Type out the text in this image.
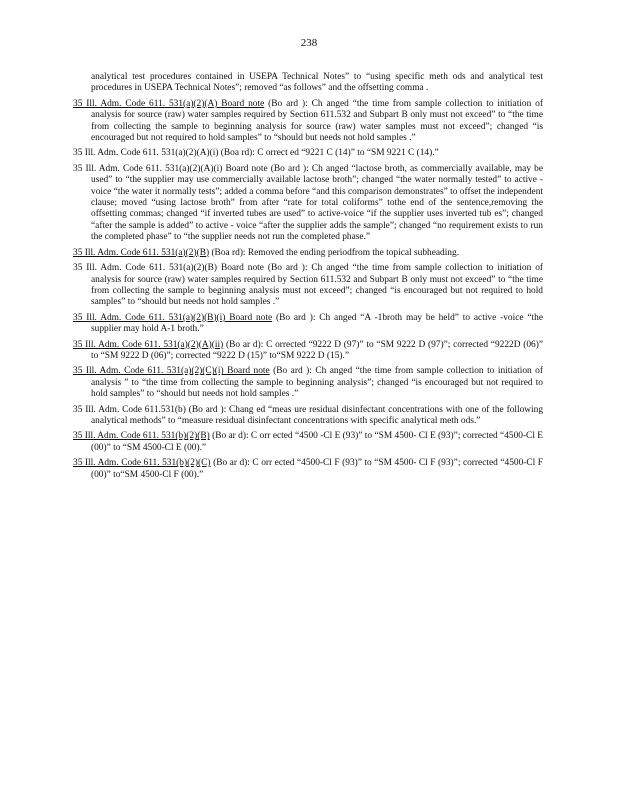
238

analytical test procedures contained in USEPA Technical Notes” to “using specific meth ods and analytical test procedures in USEPA Technical Notes”; removed “as follows” and the offsetting comma .

35 Ill. Adm. Code 611. 531(a)(2)(A) Board note (Bo ard ): Ch anged “the time from sample collection to initiation of analysis for source (raw) water samples required by Section 611.532 and Subpart B only must not exceed” to “the time from collecting the sample to beginning analysis for source (raw) water samples must not exceed”; changed “is encouraged but not required to hold samples” to “should but needs not hold samples .”

35 Ill. Adm. Code 611. 531(a)(2)(A)(i) (Boa rd): C orrect ed “9221 C (14)” to “SM 9221 C (14).”

35 Ill. Adm. Code 611. 531(a)(2)(A)(i) Board note (Bo ard ): Ch anged “lactose broth, as commercially available, may be used” to “the supplier may use commercially available lactose broth”; changed “the water normally tested” to active -voice “the water it normally tests”; added a comma before “and this comparison demonstrates” to offset the independent clause; moved “using lactose broth” from after “rate for total coliforms” tothe end of the sentence,removing the offsetting commas; changed “if inverted tubes are used” to active-voice “if the supplier uses inverted tub es”; changed “after the sample is added” to active - voice “after the supplier adds the sample”; changed “no requirement exists to run the completed phase” to “the supplier needs not run the completed phase.”

35 Ill. Adm. Code 611. 531(a)(2)(B) (Boa rd): Removed the ending periodfrom the topical subheading.

35 Ill. Adm. Code 611. 531(a)(2)(B) Board note (Bo ard ): Ch anged “the time from sample collection to initiation of analysis for source (raw) water samples required by Section 611.532 and Subpart B only must not exceed” to “the time from collecting the sample to beginning analysis must not exceed”; changed “is encouraged but not required to hold samples” to “should but needs not hold samples .”

35 Ill. Adm. Code 611. 531(a)(2)(B)(i) Board note (Bo ard ): Ch anged “A -1broth may be held” to active -voice “the supplier may hold A-1 broth.”

35 Ill. Adm. Code 611. 531(a)(2)(A)(ii) (Bo ar d): C orrected “9222 D (97)” to “SM 9222 D (97)”; corrected “9222D (06)” to “SM 9222 D (06)”; corrected “9222 D (15)” to“SM 9222 D (15).”

35 Ill. Adm. Code 611. 531(a)(2)(C)(i) Board note (Bo ard ): Ch anged “the time from sample collection to initiation of analysis ” to “the time from collecting the sample to beginning analysis”; changed “is encouraged but not required to hold samples” to “should but needs not hold samples .”

35 Ill. Adm. Code 611.531(b) (Bo ard ): Chang ed “meas ure residual disinfectant concentrations with one of the following analytical methods” to “measure residual disinfectant concentrations with specific analytical meth ods.”

35 Ill. Adm. Code 611. 531(b)(2)(B) (Bo ar d): C orr ected “4500 -Cl E (93)” to “SM 4500- Cl E (93)”; corrected “4500-Cl E (00)” to “SM 4500-Cl E (00).”

35 Ill. Adm. Code 611. 531(b)(2)(C) (Bo ar d): C orr ected “4500-Cl F (93)” to “SM 4500- Cl F (93)”; corrected “4500-Cl F (00)” to“SM 4500-Cl F (00).”
